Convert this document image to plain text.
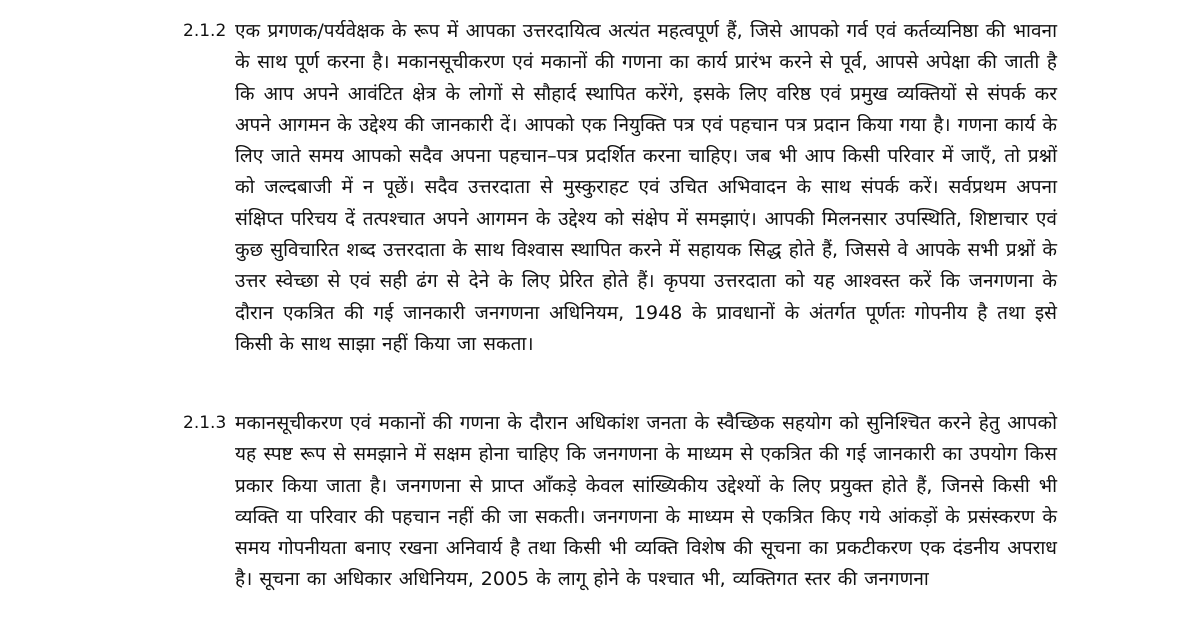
2.1.2 एक प्रगणक/पर्यवेक्षक के रूप में आपका उत्तरदायित्व अत्यंत महत्वपूर्ण हैं, जिसे आपको गर्व एवं कर्तव्यनिष्ठा की भावना के साथ पूर्ण करना है। मकानसूचीकरण एवं मकानों की गणना का कार्य प्रारंभ करने से पूर्व, आपसे अपेक्षा की जाती है कि आप अपने आवंटित क्षेत्र के लोगों से सौहार्द स्थापित करेंगे, इसके लिए वरिष्ठ एवं प्रमुख व्यक्तियों से संपर्क कर अपने आगमन के उद्देश्य की जानकारी दें। आपको एक नियुक्ति पत्र एवं पहचान पत्र प्रदान किया गया है। गणना कार्य के लिए जाते समय आपको सदैव अपना पहचान–पत्र प्रदर्शित करना चाहिए। जब भी आप किसी परिवार में जाएँ, तो प्रश्नों को जल्दबाजी में न पूछें। सदैव उत्तरदाता से मुस्कुराहट एवं उचित अभिवादन के साथ संपर्क करें। सर्वप्रथम अपना संक्षिप्त परिचय दें तत्पश्चात अपने आगमन के उद्देश्य को संक्षेप में समझाएं। आपकी मिलनसार उपस्थिति, शिष्टाचार एवं कुछ सुविचारित शब्द उत्तरदाता के साथ विश्वास स्थापित करने में सहायक सिद्ध होते हैं, जिससे वे आपके सभी प्रश्नों के उत्तर स्वेच्छा से एवं सही ढंग से देने के लिए प्रेरित होते हैं। कृपया उत्तरदाता को यह आश्वस्त करें कि जनगणना के दौरान एकत्रित की गई जानकारी जनगणना अधिनियम, 1948 के प्रावधानों के अंतर्गत पूर्णतः गोपनीय है तथा इसे किसी के साथ साझा नहीं किया जा सकता।
2.1.3 मकानसूचीकरण एवं मकानों की गणना के दौरान अधिकांश जनता के स्वैच्छिक सहयोग को सुनिश्चित करने हेतु आपको यह स्पष्ट रूप से समझाने में सक्षम होना चाहिए कि जनगणना के माध्यम से एकत्रित की गई जानकारी का उपयोग किस प्रकार किया जाता है। जनगणना से प्राप्त आँकड़े केवल सांख्यिकीय उद्देश्यों के लिए प्रयुक्त होते हैं, जिनसे किसी भी व्यक्ति या परिवार की पहचान नहीं की जा सकती। जनगणना के माध्यम से एकत्रित किए गये आंकड़ों के प्रसंस्करण के समय गोपनीयता बनाए रखना अनिवार्य है तथा किसी भी व्यक्ति विशेष की सूचना का प्रकटीकरण एक दंडनीय अपराध है। सूचना का अधिकार अधिनियम, 2005 के लागू होने के पश्चात भी, व्यक्तिगत स्तर की जनगणना
